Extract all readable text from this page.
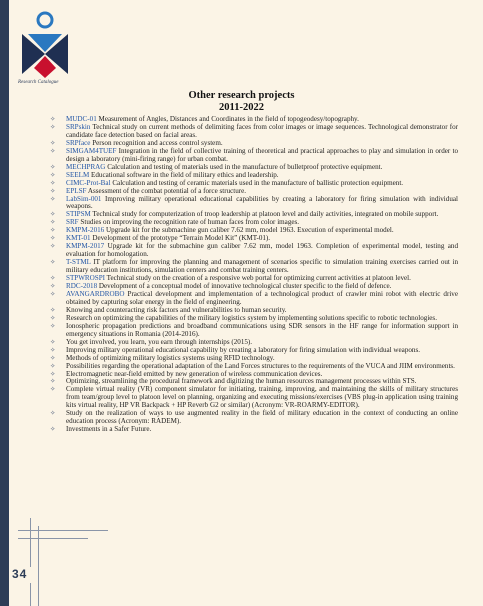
Research Catalogue
Other research projects
2011-2022
✧ MUDC-01 Measurement of Angles, Distances and Coordinates in the field of topogeodesy/topography.
✧ SRPskin Technical study on current methods of delimiting faces from color images or image sequences. Technological demonstrator for candidate face detection based on facial areas.
✧ SRPface Person recognition and access control system.
✧ SIMGAM4TUEF Integration in the field of collective training of theoretical and practical approaches to play and simulation in order to design a laboratory (mini-firing range) for urban combat.
✧ MECHPRAG Calculation and testing of materials used in the manufacture of bulletproof protective equipment.
✧ SEELM Educational software in the field of military ethics and leadership.
✧ CIMC-Prot-Bal Calculation and testing of ceramic materials used in the manufacture of ballistic protection equipment.
✧ EPLSF Assessment of the combat potential of a force structure.
✧ LabSim-001 Improving military operational educational capabilities by creating a laboratory for firing simulation with individual weapons.
✧ STIPSM Technical study for computerization of troop leadership at platoon level and daily activities, integrated on mobile support.
✧ SRF Studies on improving the recognition rate of human faces from color images.
✧ KMPM-2016 Upgrade kit for the submachine gun caliber 7.62 mm, model 1963. Execution of experimental model.
✧ KMT-01 Development of the prototype “Terrain Model Kit” (KMT-01).
✧ KMPM-2017 Upgrade kit for the submachine gun caliber 7.62 mm, model 1963. Completion of experimental model, testing and evaluation for homologation.
✧ T-STML IT platform for improving the planning and management of scenarios specific to simulation training exercises carried out in military education institutions, simulation centers and combat training centers.
✧ STPWROSPI Technical study on the creation of a responsive web portal for optimizing current activities at platoon level.
✧ RDC-2018 Development of a conceptual model of innovative technological cluster specific to the field of defence.
✧ AVANGARDROBO Practical development and implementation of a technological product of crawler mini robot with electric drive obtained by capturing solar energy in the field of engineering.
✧ Knowing and counteracting risk factors and vulnerabilities to human security.
✧ Research on optimizing the capabilities of the military logistics system by implementing solutions specific to robotic technologies.
✧ Ionospheric propagation predictions and broadband communications using SDR sensors in the HF range for information support in emergency situations in Romania (2014-2016).
✧ You get involved, you learn, you earn through internships (2015).
✧ Improving military operational educational capability by creating a laboratory for firing simulation with individual weapons.
✧ Methods of optimizing military logistics systems using RFID technology.
✧ Possibilities regarding the operational adaptation of the Land Forces structures to the requirements of the VUCA and JIIM environments.
✧ Electromagnetic near-field emitted by new generation of wireless communication devices.
✧ Optimizing, streamlining the procedural framework and digitizing the human resources management processes within STS.
✧ Complete virtual reality (VR) component simulator for initiating, training, improving, and maintaining the skills of military structures from team/group level to platoon level on planning, organizing and executing missions/exercises (VBS plug-in application using training kits virtual reality, HP VR Backpack + HP Reverb G2 or similar) (Acronym: VR-ROARMY-EDITOR).
✧ Study on the realization of ways to use augmented reality in the field of military education in the context of conducting an online education process (Acronym: RADEM).
✧ Investments in a Safer Future.
34
